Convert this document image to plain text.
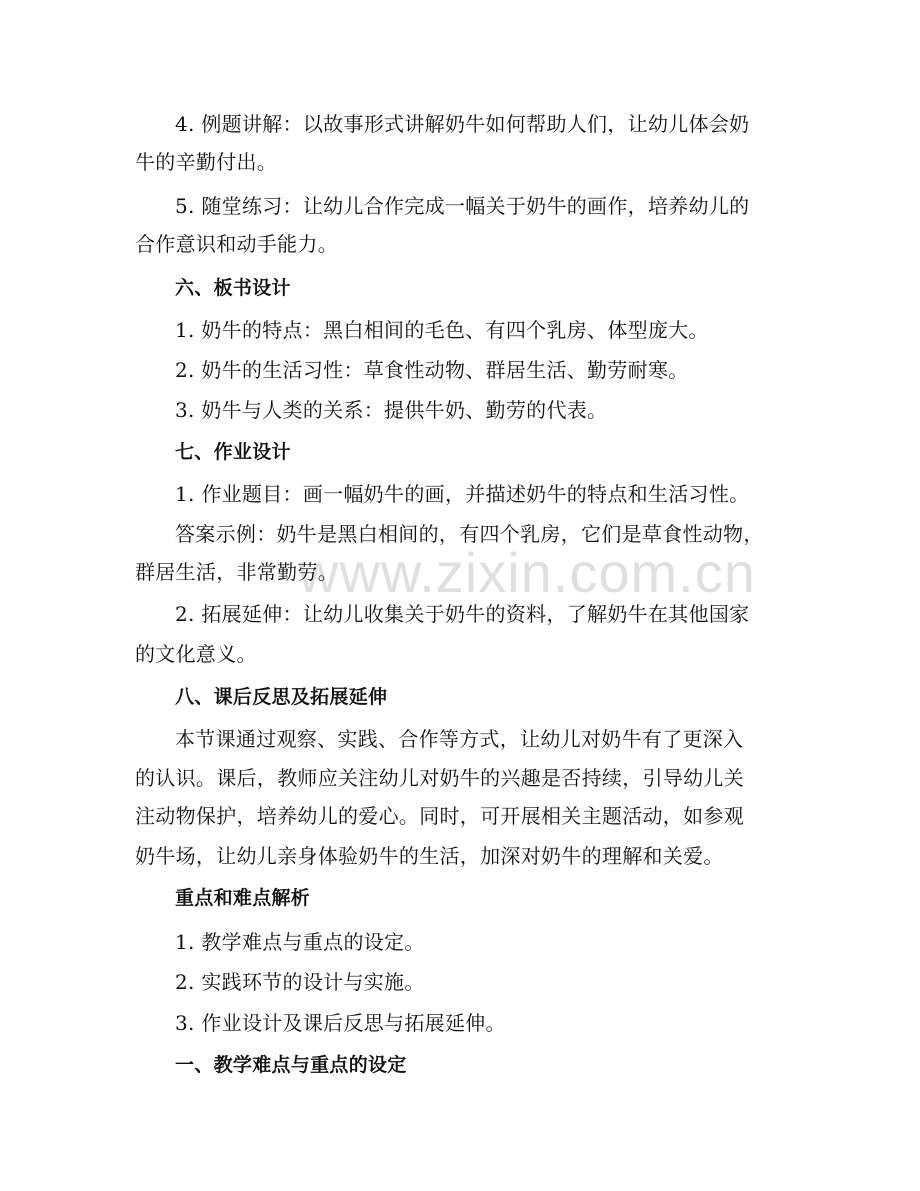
4. 例题讲解：以故事形式讲解奶牛如何帮助人们，让幼儿体会奶
牛的辛勤付出。
5. 随堂练习：让幼儿合作完成一幅关于奶牛的画作，培养幼儿的
合作意识和动手能力。
六、板书设计
1. 奶牛的特点：黑白相间的毛色、有四个乳房、体型庞大。
2. 奶牛的生活习性：草食性动物、群居生活、勤劳耐寒。
3. 奶牛与人类的关系：提供牛奶、勤劳的代表。
七、作业设计
1. 作业题目：画一幅奶牛的画，并描述奶牛的特点和生活习性。
答案示例：奶牛是黑白相间的，有四个乳房，它们是草食性动物，
群居生活，非常勤劳。
2. 拓展延伸：让幼儿收集关于奶牛的资料，了解奶牛在其他国家
的文化意义。
八、课后反思及拓展延伸
本节课通过观察、实践、合作等方式，让幼儿对奶牛有了更深入
的认识。课后，教师应关注幼儿对奶牛的兴趣是否持续，引导幼儿关
注动物保护，培养幼儿的爱心。同时，可开展相关主题活动，如参观
奶牛场，让幼儿亲身体验奶牛的生活，加深对奶牛的理解和关爱。
重点和难点解析
1. 教学难点与重点的设定。
2. 实践环节的设计与实施。
3. 作业设计及课后反思与拓展延伸。
一、教学难点与重点的设定
www.zixin.com.cn
